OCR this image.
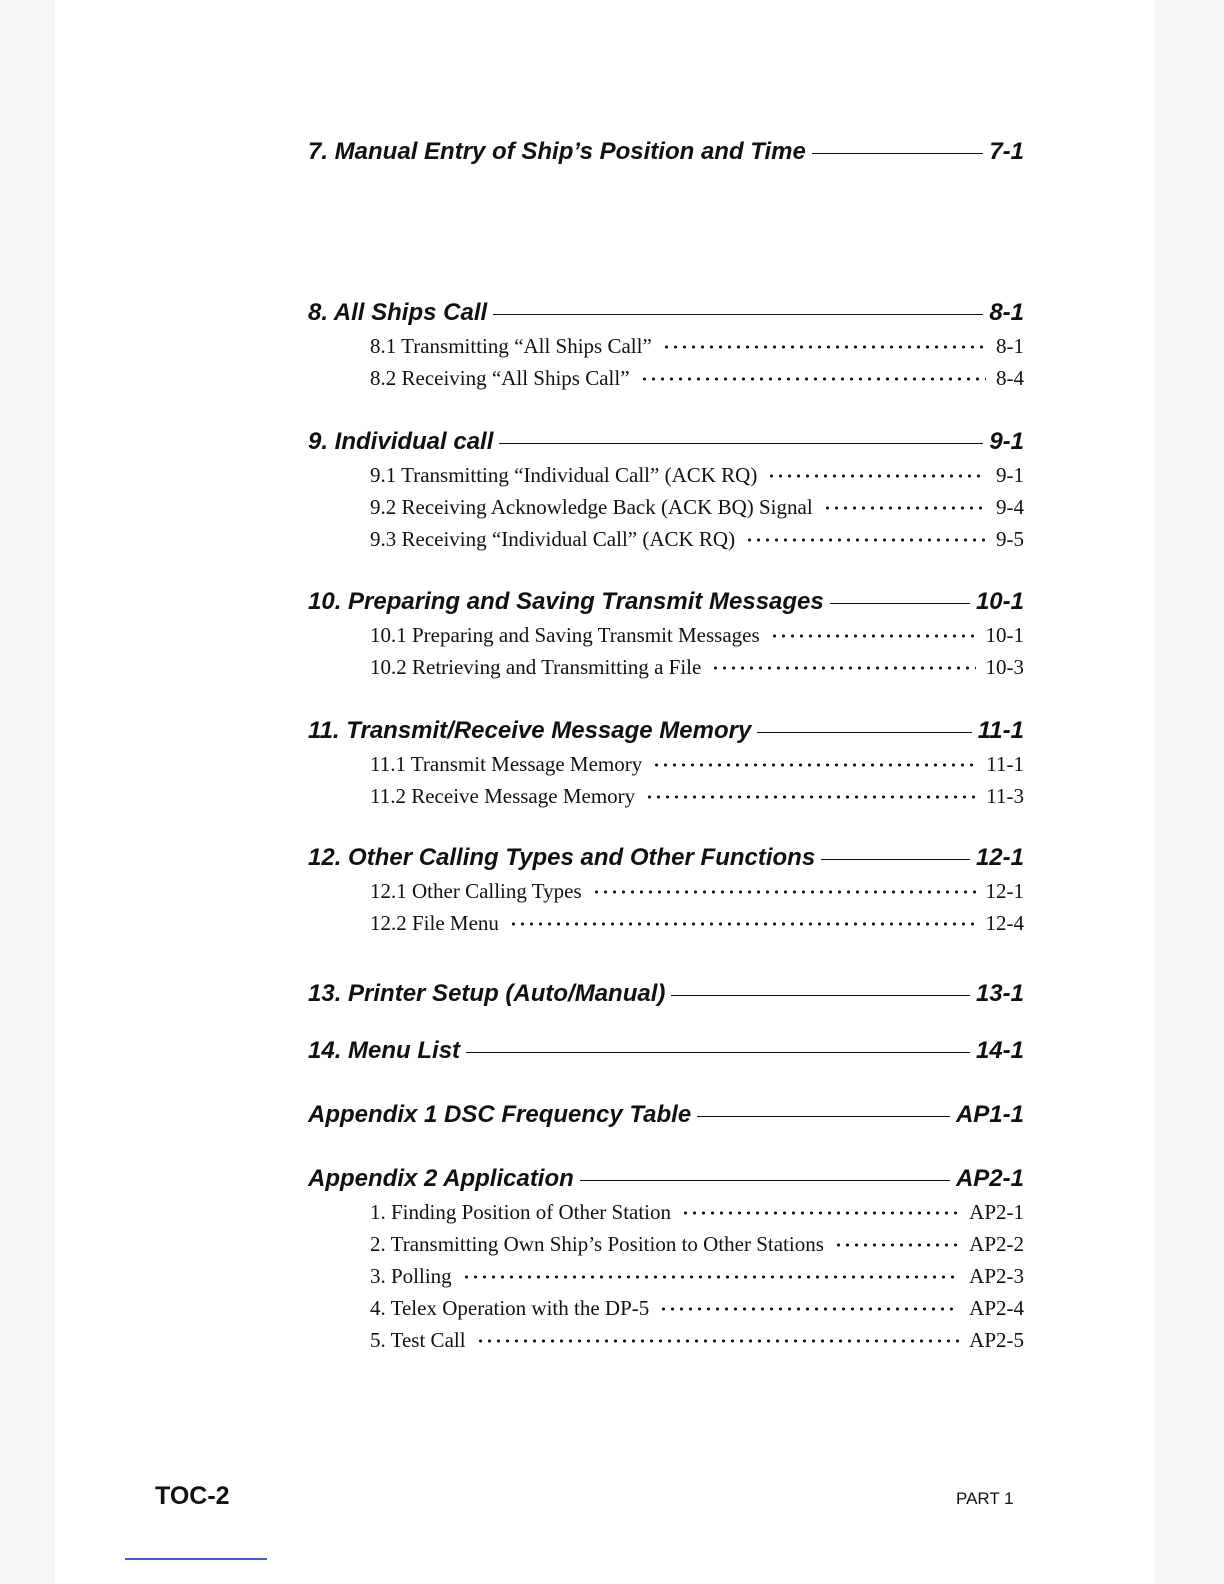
7. Manual Entry of Ship’s Position and Time	7-1
8. All Ships Call	8-1
8.1 Transmitting “All Ships Call”	8-1
8.2 Receiving “All Ships Call”	8-4
9. Individual call	9-1
9.1 Transmitting “Individual Call” (ACK RQ)	9-1
9.2 Receiving Acknowledge Back (ACK BQ) Signal	9-4
9.3 Receiving “Individual Call” (ACK RQ)	9-5
10. Preparing and Saving Transmit Messages	10-1
10.1 Preparing and Saving Transmit Messages	10-1
10.2 Retrieving and Transmitting a File	10-3
11. Transmit/Receive Message Memory	11-1
11.1 Transmit Message Memory	11-1
11.2 Receive Message Memory	11-3
12. Other Calling Types and Other Functions	12-1
12.1 Other Calling Types	12-1
12.2 File Menu	12-4
13. Printer Setup (Auto/Manual)	13-1
14. Menu List	14-1
Appendix 1 DSC Frequency Table	AP1-1
Appendix 2 Application	AP2-1
1. Finding Position of Other Station	AP2-1
2. Transmitting Own Ship’s Position to Other Stations	AP2-2
3. Polling	AP2-3
4. Telex Operation with the DP-5	AP2-4
5. Test Call	AP2-5
TOC-2	PART 1
